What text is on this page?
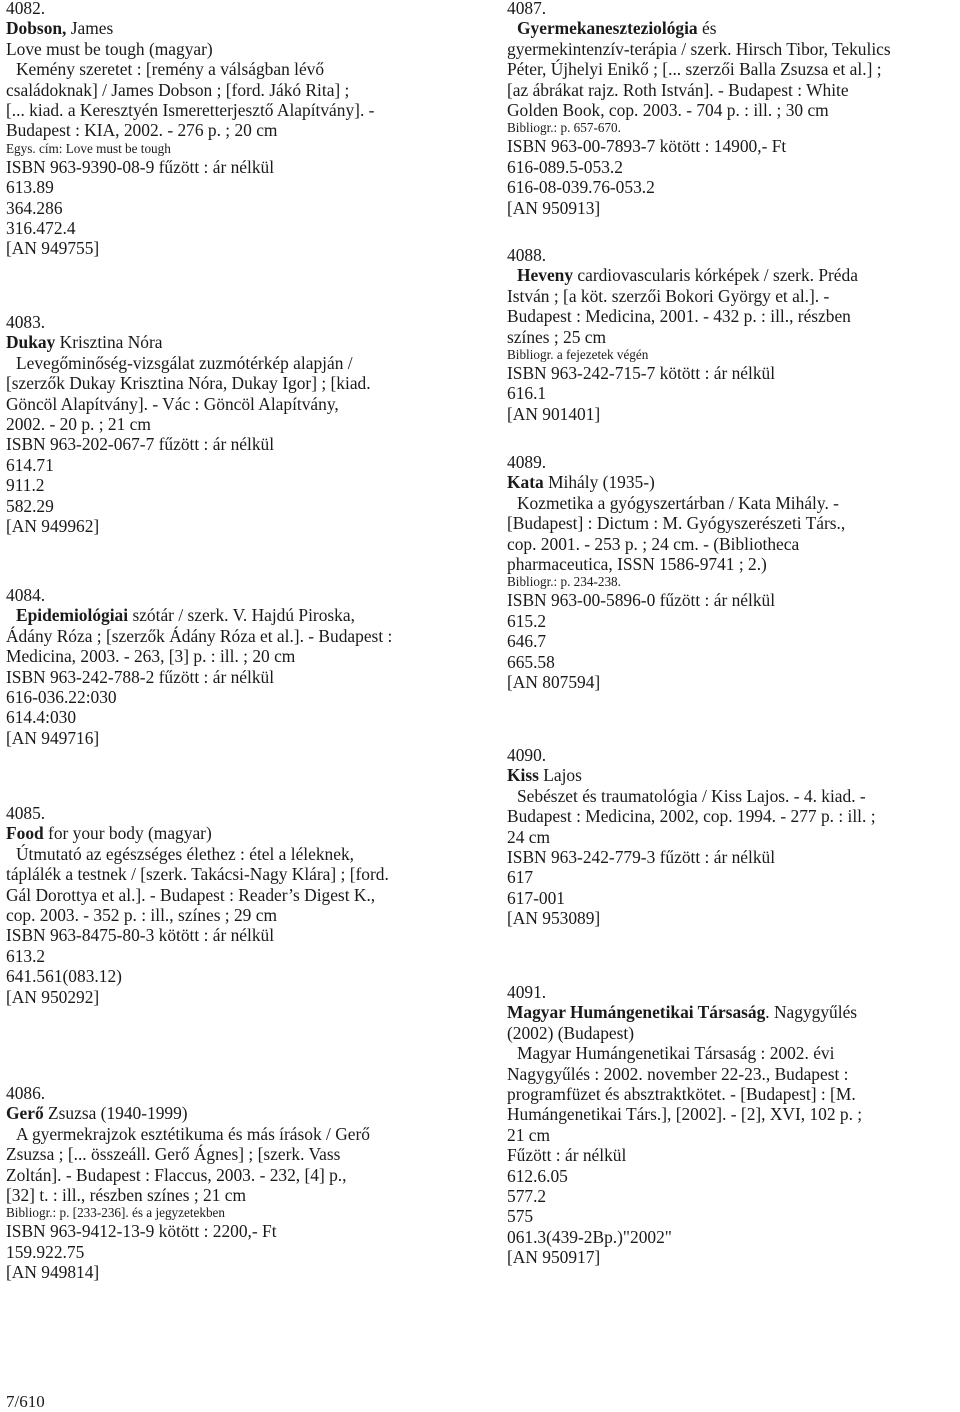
4082.
Dobson, James
Love must be tough (magyar)
Kemény szeretet : [remény a válságban lévő
családoknak] / James Dobson ; [ford. Jákó Rita] ;
[... kiad. a Keresztyén Ismeretterjesztő Alapítvány]. -
Budapest : KIA, 2002. - 276 p. ; 20 cm
Egys. cím: Love must be tough
ISBN 963-9390-08-9 fűzött : ár nélkül
613.89
364.286
316.472.4
[AN 949755]
4083.
Dukay Krisztina Nóra
Levegőminőség-vizsgálat zuzmótérkép alapján /
[szerzők Dukay Krisztina Nóra, Dukay Igor] ; [kiad.
Göncöl Alapítvány]. - Vác : Göncöl Alapítvány,
2002. - 20 p. ; 21 cm
ISBN 963-202-067-7 fűzött : ár nélkül
614.71
911.2
582.29
[AN 949962]
4084.
Epidemiológiai szótár / szerk. V. Hajdú Piroska,
Ádány Róza ; [szerzők Ádány Róza et al.]. - Budapest :
Medicina, 2003. - 263, [3] p. : ill. ; 20 cm
ISBN 963-242-788-2 fűzött : ár nélkül
616-036.22:030
614.4:030
[AN 949716]
4085.
Food for your body (magyar)
Útmutató az egészséges élethez : étel a léleknek,
táplálék a testnek / [szerk. Takácsi-Nagy Klára] ; [ford.
Gál Dorottya et al.]. - Budapest : Reader’s Digest K.,
cop. 2003. - 352 p. : ill., színes ; 29 cm
ISBN 963-8475-80-3 kötött : ár nélkül
613.2
641.561(083.12)
[AN 950292]
4086.
Gerő Zsuzsa (1940-1999)
A gyermekrajzok esztétikuma és más írások / Gerő
Zsuzsa ; [... összeáll. Gerő Ágnes] ; [szerk. Vass
Zoltán]. - Budapest : Flaccus, 2003. - 232, [4] p.,
[32] t. : ill., részben színes ; 21 cm
Bibliogr.: p. [233-236]. és a jegyzetekben
ISBN 963-9412-13-9 kötött : 2200,- Ft
159.922.75
[AN 949814]
4087.
Gyermekaneszteziológia és
gyermekintenzív-terápia / szerk. Hirsch Tibor, Tekulics
Péter, Újhelyi Enikő ; [... szerzői Balla Zsuzsa et al.] ;
[az ábrákat rajz. Roth István]. - Budapest : White
Golden Book, cop. 2003. - 704 p. : ill. ; 30 cm
Bibliogr.: p. 657-670.
ISBN 963-00-7893-7 kötött : 14900,- Ft
616-089.5-053.2
616-08-039.76-053.2
[AN 950913]
4088.
Heveny cardiovascularis kórképek / szerk. Préda
István ; [a köt. szerzői Bokori György et al.]. -
Budapest : Medicina, 2001. - 432 p. : ill., részben
színes ; 25 cm
Bibliogr. a fejezetek végén
ISBN 963-242-715-7 kötött : ár nélkül
616.1
[AN 901401]
4089.
Kata Mihály (1935-)
Kozmetika a gyógyszertárban / Kata Mihály. -
[Budapest] : Dictum : M. Gyógyszerészeti Társ.,
cop. 2001. - 253 p. ; 24 cm. - (Bibliotheca
pharmaceutica, ISSN 1586-9741 ; 2.)
Bibliogr.: p. 234-238.
ISBN 963-00-5896-0 fűzött : ár nélkül
615.2
646.7
665.58
[AN 807594]
4090.
Kiss Lajos
Sebészet és traumatológia / Kiss Lajos. - 4. kiad. -
Budapest : Medicina, 2002, cop. 1994. - 277 p. : ill. ;
24 cm
ISBN 963-242-779-3 fűzött : ár nélkül
617
617-001
[AN 953089]
4091.
Magyar Humángenetikai Társaság. Nagygyűlés
(2002) (Budapest)
Magyar Humángenetikai Társaság : 2002. évi
Nagygyűlés : 2002. november 22-23., Budapest :
programfüzet és absztraktkötet. - [Budapest] : [M.
Humángenetikai Társ.], [2002]. - [2], XVI, 102 p. ;
21 cm
Fűzött : ár nélkül
612.6.05
577.2
575
061.3(439-2Bp.)"2002"
[AN 950917]
7/610
